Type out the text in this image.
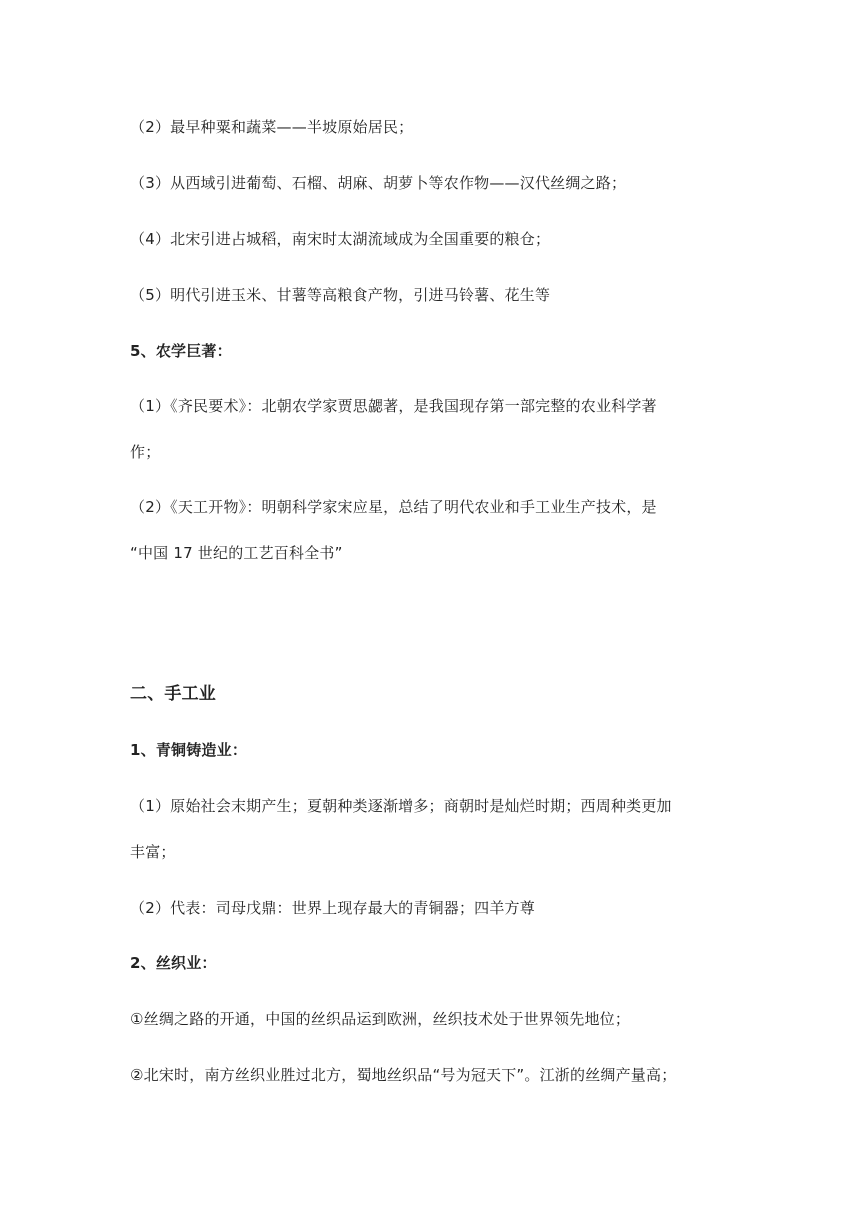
（2）最早种粟和蔬菜——半坡原始居民；
（3）从西域引进葡萄、石榴、胡麻、胡萝卜等农作物——汉代丝绸之路；
（4）北宋引进占城稻，南宋时太湖流域成为全国重要的粮仓；
（5）明代引进玉米、甘薯等高粮食产物，引进马铃薯、花生等
5、农学巨著：
（1）《齐民要术》：北朝农学家贾思勰著，是我国现存第一部完整的农业科学著
作；
（2）《天工开物》：明朝科学家宋应星，总结了明代农业和手工业生产技术，是
“中国 17 世纪的工艺百科全书”
二、手工业
1、青铜铸造业：
（1）原始社会末期产生；夏朝种类逐渐增多；商朝时是灿烂时期；西周种类更加
丰富；
（2）代表：司母戊鼎：世界上现存最大的青铜器；四羊方尊
2、丝织业：
①丝绸之路的开通，中国的丝织品运到欧洲，丝织技术处于世界领先地位；
②北宋时，南方丝织业胜过北方，蜀地丝织品“号为冠天下”。江浙的丝绸产量高；
